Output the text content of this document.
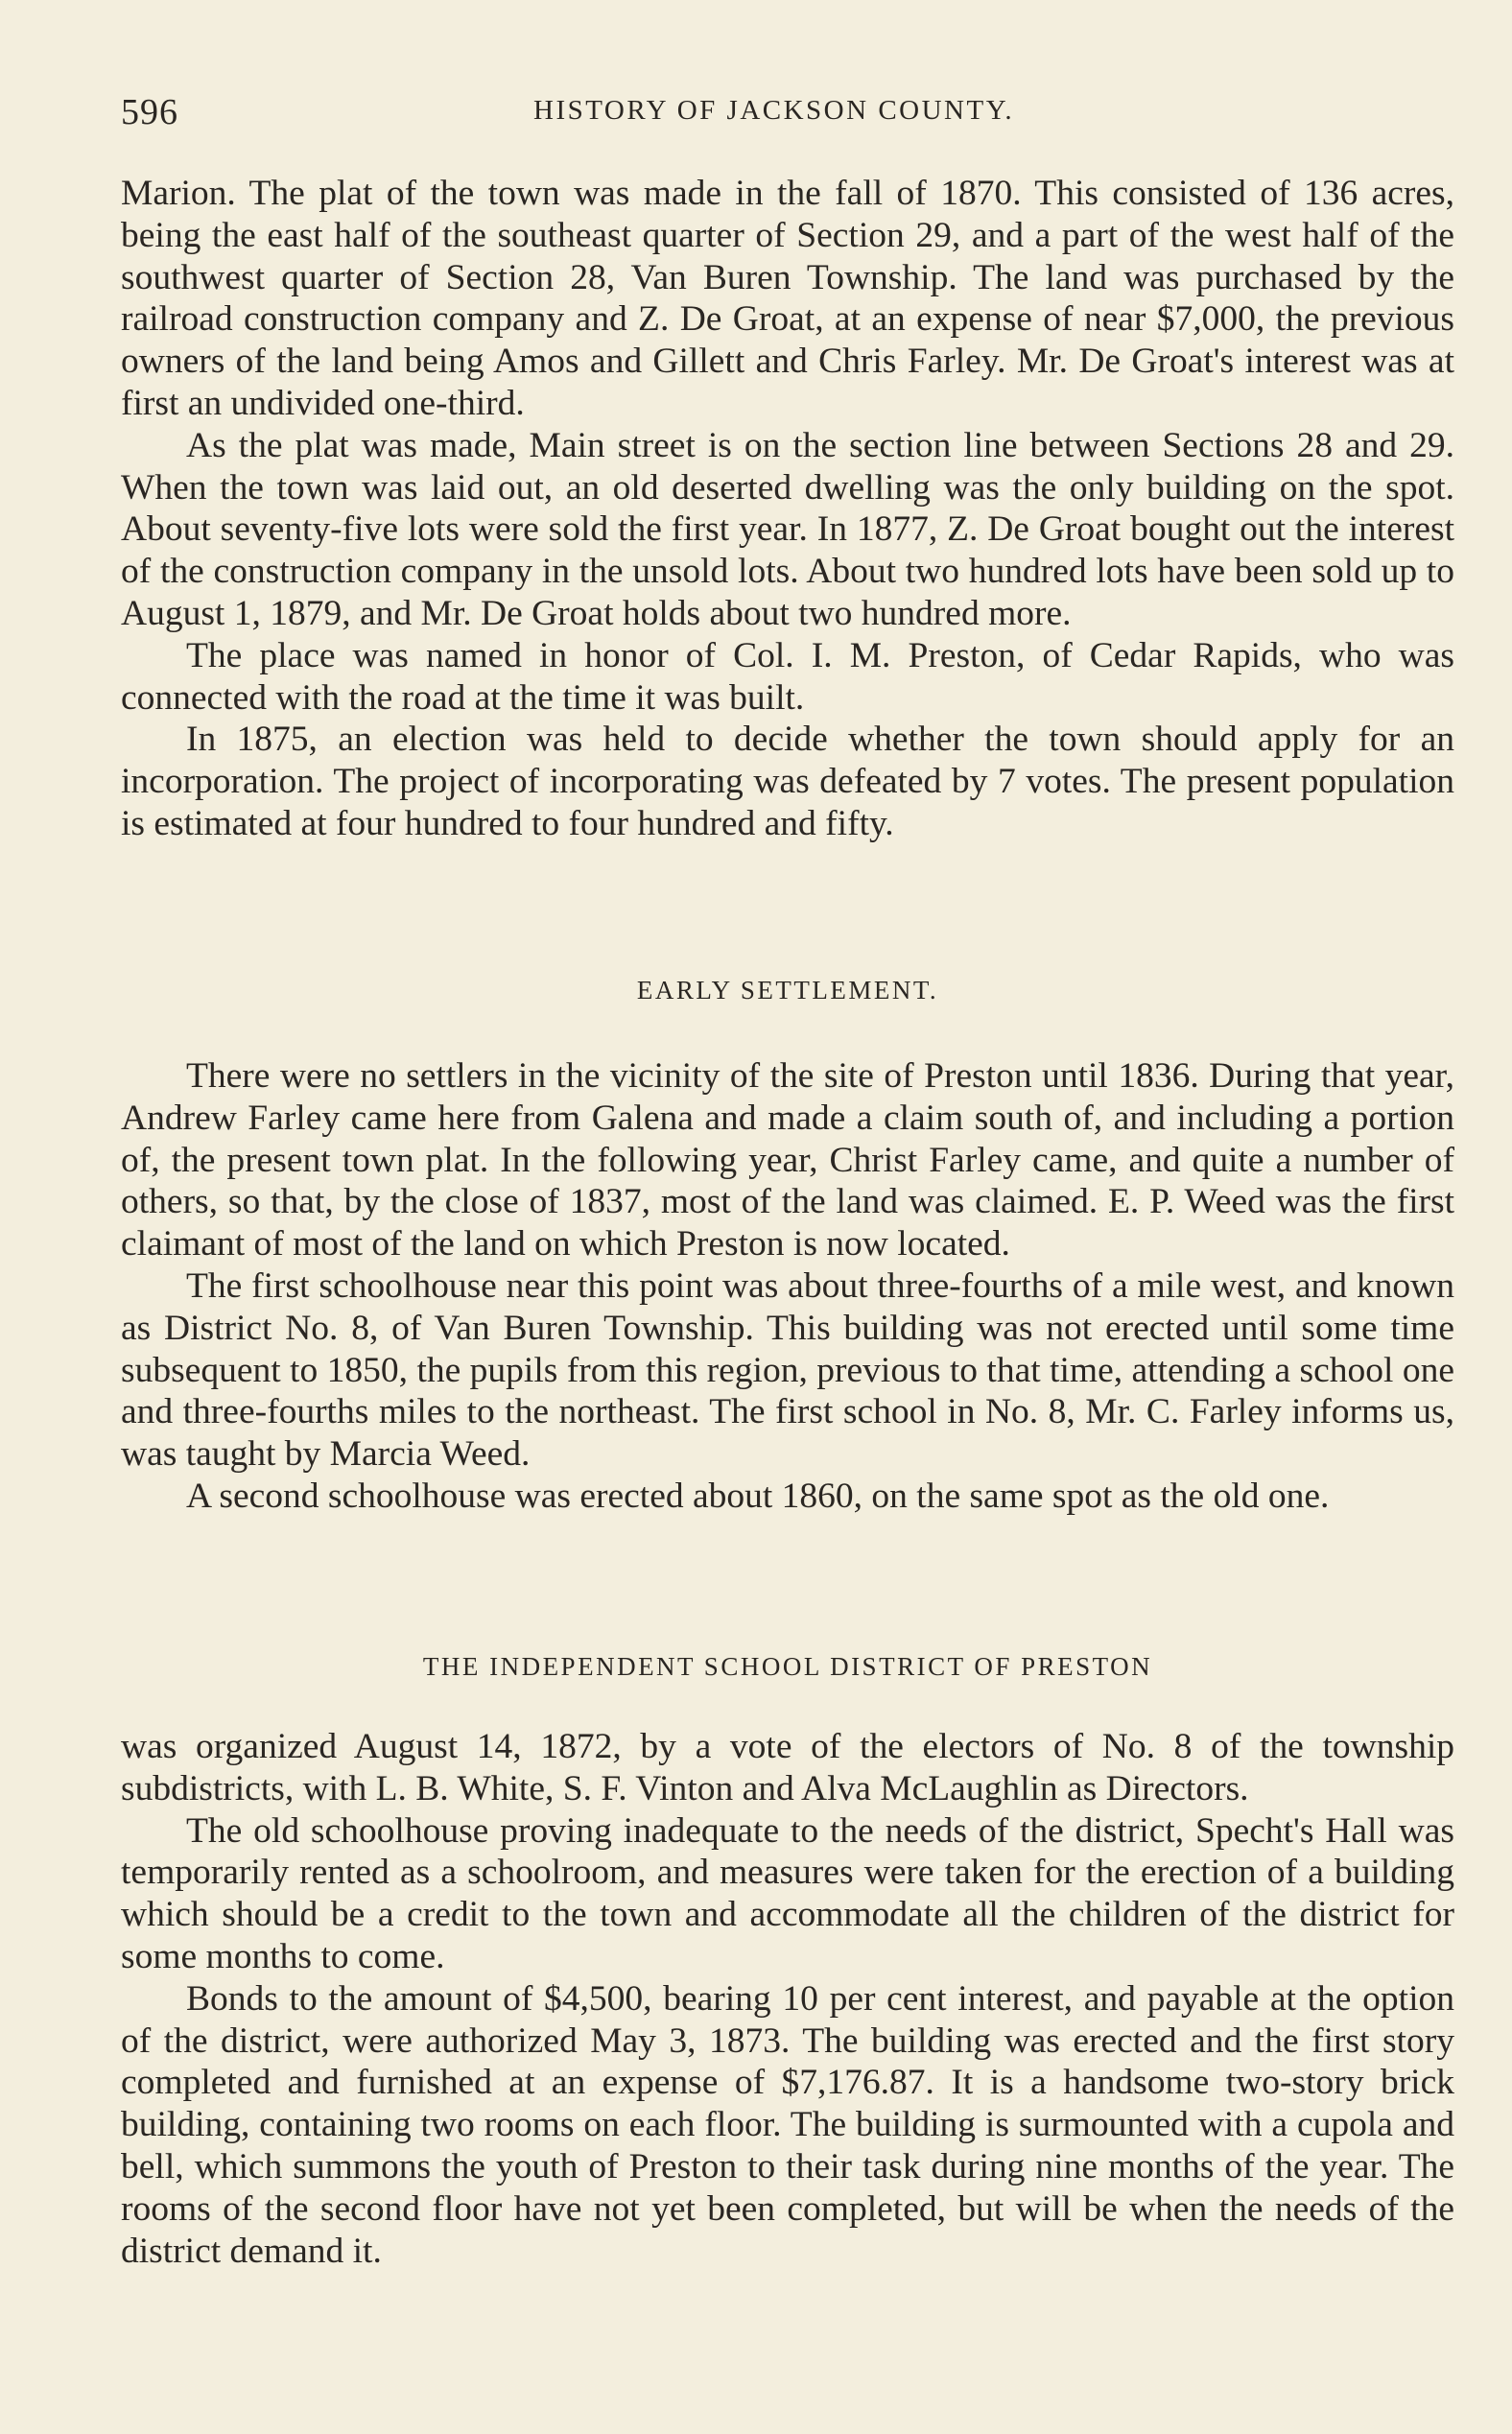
596	HISTORY OF JACKSON COUNTY.

Marion. The plat of the town was made in the fall of 1870. This consisted of 136 acres, being the east half of the southeast quarter of Section 29, and a part of the west half of the southwest quarter of Section 28, Van Buren Township. The land was purchased by the railroad construction company and Z. De Groat, at an expense of near $7,000, the previous owners of the land being Amos and Gillett and Chris Farley. Mr. De Groat's interest was at first an undivided one-third.

As the plat was made, Main street is on the section line between Sections 28 and 29. When the town was laid out, an old deserted dwelling was the only building on the spot. About seventy-five lots were sold the first year. In 1877, Z. De Groat bought out the interest of the construction company in the unsold lots. About two hundred lots have been sold up to August 1, 1879, and Mr. De Groat holds about two hundred more.

The place was named in honor of Col. I. M. Preston, of Cedar Rapids, who was connected with the road at the time it was built.

In 1875, an election was held to decide whether the town should apply for an incorporation. The project of incorporating was defeated by 7 votes. The present population is estimated at four hundred to four hundred and fifty.

EARLY SETTLEMENT.

There were no settlers in the vicinity of the site of Preston until 1836. During that year, Andrew Farley came here from Galena and made a claim south of, and including a portion of, the present town plat. In the following year, Christ Farley came, and quite a number of others, so that, by the close of 1837, most of the land was claimed. E. P. Weed was the first claimant of most of the land on which Preston is now located.

The first schoolhouse near this point was about three-fourths of a mile west, and known as District No. 8, of Van Buren Township. This building was not erected until some time subsequent to 1850, the pupils from this region, previous to that time, attending a school one and three-fourths miles to the northeast. The first school in No. 8, Mr. C. Farley informs us, was taught by Marcia Weed.

A second schoolhouse was erected about 1860, on the same spot as the old one.

THE INDEPENDENT SCHOOL DISTRICT OF PRESTON

was organized August 14, 1872, by a vote of the electors of No. 8 of the township subdistricts, with L. B. White, S. F. Vinton and Alva McLaughlin as Directors.

The old schoolhouse proving inadequate to the needs of the district, Specht's Hall was temporarily rented as a schoolroom, and measures were taken for the erection of a building which should be a credit to the town and accommodate all the children of the district for some months to come.

Bonds to the amount of $4,500, bearing 10 per cent interest, and payable at the option of the district, were authorized May 3, 1873. The building was erected and the first story completed and furnished at an expense of $7,176.87. It is a handsome two-story brick building, containing two rooms on each floor. The building is surmounted with a cupola and bell, which summons the youth of Preston to their task during nine months of the year. The rooms of the second floor have not yet been completed, but will be when the needs of the district demand it.
